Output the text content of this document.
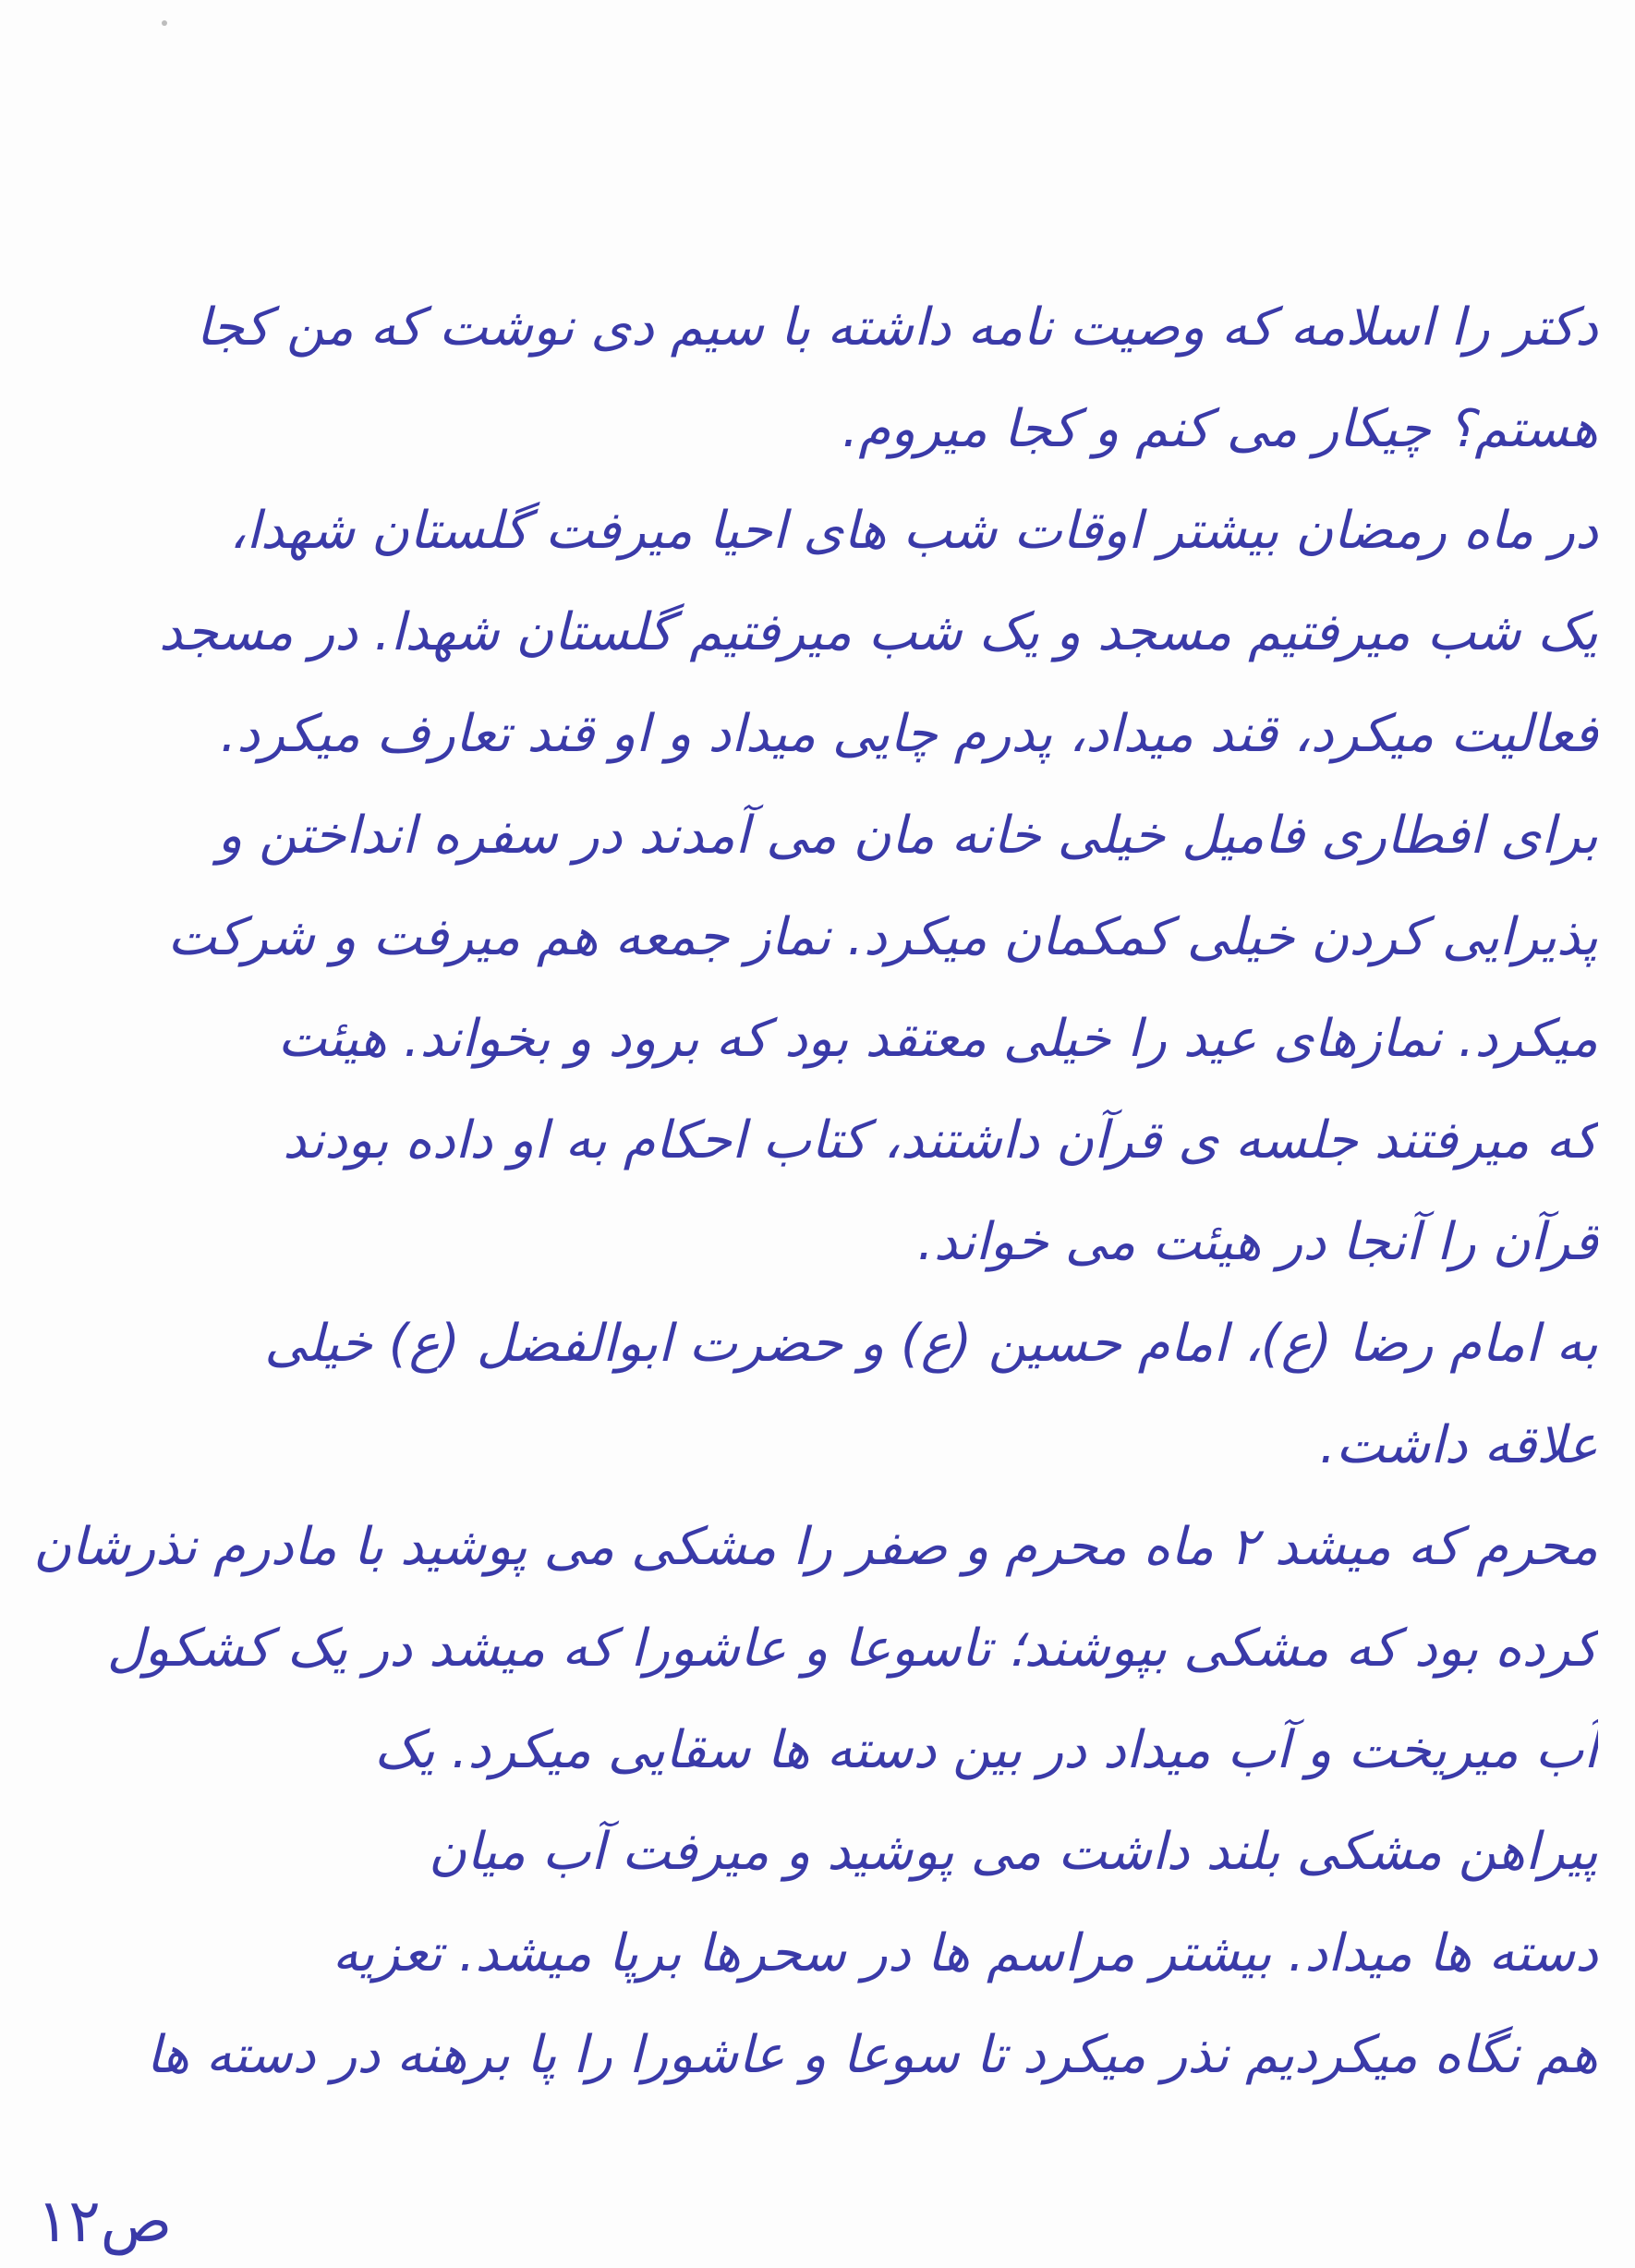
دکتر را اسلامه که وصیت نامه داشته با سیم دی نوشت که من کجا
هستم؟ چیکار می کنم و کجا میروم.
در ماه رمضان بیشتر اوقات شب های احیا میرفت گلستان شهدا،
یک شب میرفتیم مسجد و یک شب میرفتیم گلستان شهدا. در مسجد
فعالیت میکرد، قند میداد، پدرم چایی میداد و او قند تعارف میکرد.
برای افطاری فامیل خیلی خانه مان می آمدند در سفره انداختن و
پذیرایی کردن خیلی کمکمان میکرد. نماز جمعه هم میرفت و شرکت
میکرد. نمازهای عید را خیلی معتقد بود که برود و بخواند. هیئت
که میرفتند جلسه ی قرآن داشتند، کتاب احکام به او داده بودند
قرآن را آنجا در هیئت می خواند.
به امام رضا (ع)، امام حسین (ع) و حضرت ابوالفضل (ع) خیلی
علاقه داشت.
محرم که میشد ۲ ماه محرم و صفر را مشکی می پوشید با مادرم نذرشان
کرده بود که مشکی بپوشند؛ تاسوعا و عاشورا که میشد در یک کشکول
آب میریخت و آب میداد در بین دسته ها سقایی میکرد. یک
پیراهن مشکی بلند داشت می پوشید و میرفت آب میان
دسته ها میداد. بیشتر مراسم ها در سحرها برپا میشد. تعزیه
هم نگاه میکردیم نذر میکرد تا سوعا و عاشورا را پا برهنه در دسته ها
ص۱۲
